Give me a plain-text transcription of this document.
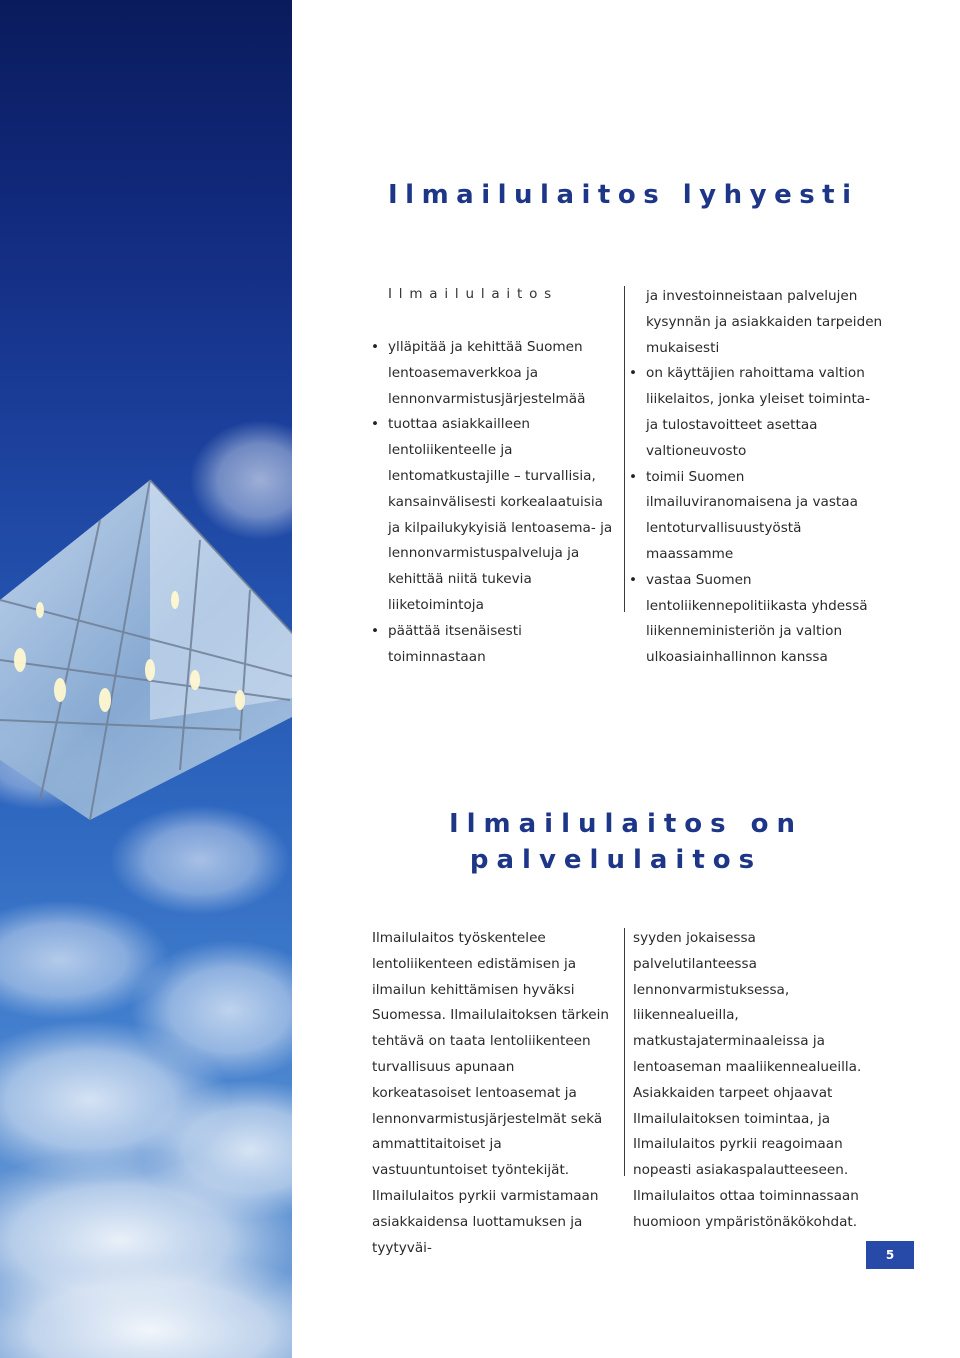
Ilmailulaitos lyhyesti
Ilmailulaitos
• ylläpitää ja kehittää Suomen lentoasemaverkkoa ja lennonvarmistusjärjestelmää
• tuottaa asiakkailleen lentoliikenteelle ja lentomatkustajille – turvallisia, kansainvälisesti korkealaatuisia ja kilpailukykyisiä lentoasema- ja lennonvarmistuspalveluja ja kehittää niitä tukevia liiketoimintoja
• päättää itsenäisesti toiminnastaan
ja investoinneistaan palvelujen kysynnän ja asiakkaiden tarpeiden mukaisesti
• on käyttäjien rahoittama valtion liikelaitos, jonka yleiset toiminta- ja tulostavoitteet asettaa valtioneuvosto
• toimii Suomen ilmailuviranomaisena ja vastaa lentoturvallisuustyöstä maassamme
• vastaa Suomen lentoliikennepolitiikasta yhdessä liikenneministeriön ja valtion ulkoasiainhallinnon kanssa
Ilmailulaitos on
palvelulaitos

Ilmailulaitos työskentelee lentoliikenteen edistämisen ja ilmailun kehittämisen hyväksi Suomessa. Ilmailulaitoksen tärkein tehtävä on taata lentoliikenteen turvallisuus apunaan korkeatasoiset lentoasemat ja lennonvarmistusjärjestelmät sekä ammattitaitoiset ja vastuuntuntoiset työntekijät.

Ilmailulaitos pyrkii varmistamaan asiakkaidensa luottamuksen ja tyytyväi-

syyden jokaisessa palvelutilanteessa lennonvarmistuksessa, liikennealueilla, matkustajaterminaaleissa ja lentoaseman maaliikennealueilla. Asiakkaiden tarpeet ohjaavat Ilmailulaitoksen toimintaa, ja Ilmailulaitos pyrkii reagoimaan nopeasti asiakaspalautteeseen.

Ilmailulaitos ottaa toiminnassaan huomioon ympäristönäkökohdat.

5
